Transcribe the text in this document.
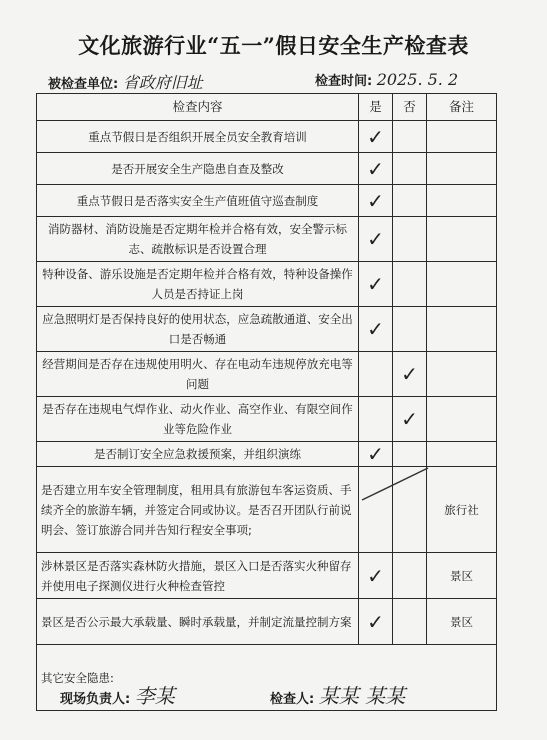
文化旅游行业“五一”假日安全生产检查表
被检查单位: 省政府旧址	检查时间: 2025. 5. 2
检查内容	是	否	备注
重点节假日是否组织开展全员安全教育培训	✓		
是否开展安全生产隐患自查及整改	✓		
重点节假日是否落实安全生产值班值守巡查制度	✓		
消防器材、消防设施是否定期年检并合格有效，安全警示标志、疏散标识是否设置合理	✓		
特种设备、游乐设施是否定期年检并合格有效，特种设备操作人员是否持证上岗	✓		
应急照明灯是否保持良好的使用状态，应急疏散通道、安全出口是否畅通	✓		
经营期间是否存在违规使用明火、存在电动车违规停放充电等问题		✓	
是否存在违规电气焊作业、动火作业、高空作业、有限空间作业等危险作业		✓	
是否制订安全应急救援预案，并组织演练	✓		
是否建立用车安全管理制度，租用具有旅游包车客运资质、手续齐全的旅游车辆，并签定合同或协议。是否召开团队行前说明会、签订旅游合同并告知行程安全事项;			旅行社
涉林景区是否落实森林防火措施，景区入口是否落实火种留存并使用电子探测仪进行火种检查管控	✓		景区
景区是否公示最大承载量、瞬时承载量，并制定流量控制方案	✓		景区
其它安全隐患:			
现场负责人: 李某	检查人: 某某 某某
